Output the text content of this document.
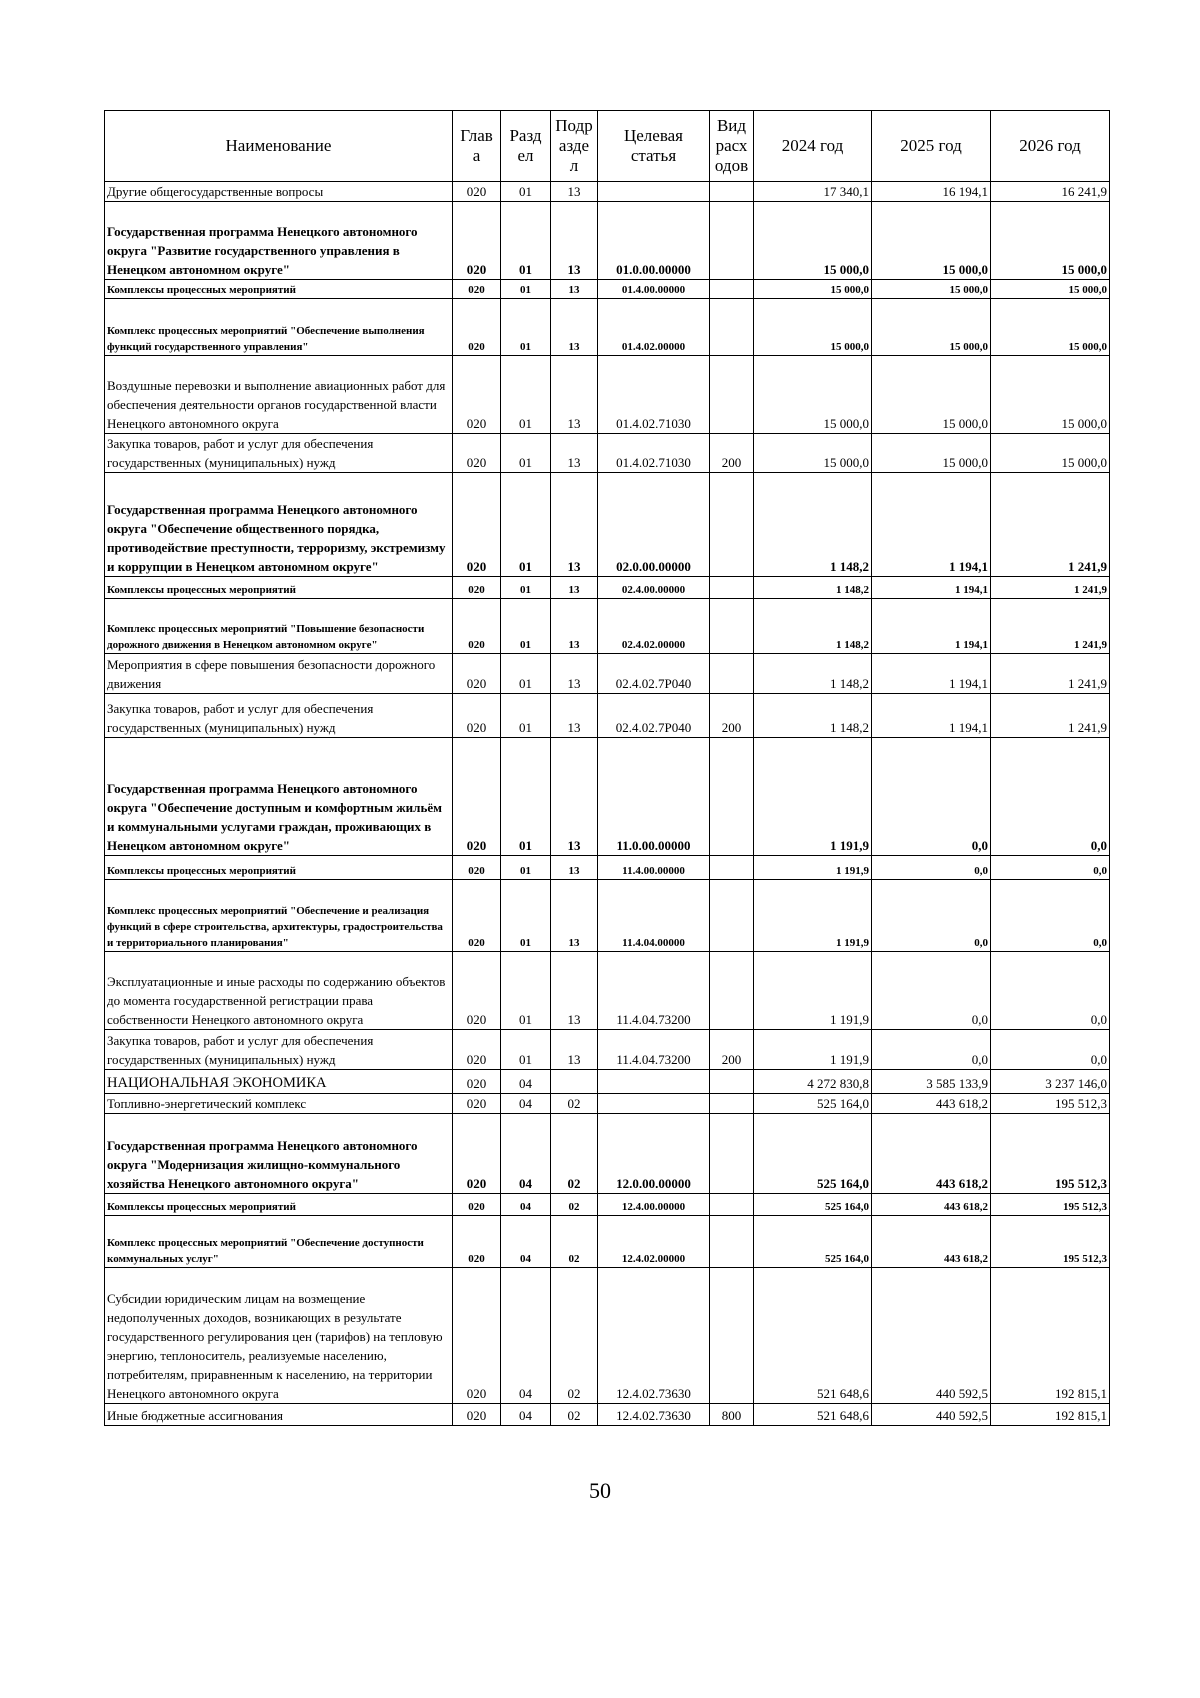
Наименование	Глав а	Разд ел	Подр азде л	Целевая статья	Вид расх одов	2024 год	2025 год	2026 год
Другие общегосударственные вопросы	020	01	13			17 340,1	16 194,1	16 241,9
Государственная программа Ненецкого автономного округа "Развитие государственного управления в Ненецком автономном округе"	020	01	13	01.0.00.00000		15 000,0	15 000,0	15 000,0
Комплексы процессных мероприятий	020	01	13	01.4.00.00000		15 000,0	15 000,0	15 000,0
Комплекс процессных мероприятий "Обеспечение выполнения функций государственного управления"	020	01	13	01.4.02.00000		15 000,0	15 000,0	15 000,0
Воздушные перевозки и выполнение авиационных работ для обеспечения деятельности органов государственной власти Ненецкого автономного округа	020	01	13	01.4.02.71030		15 000,0	15 000,0	15 000,0
Закупка товаров, работ и услуг для обеспечения государственных (муниципальных) нужд	020	01	13	01.4.02.71030	200	15 000,0	15 000,0	15 000,0
Государственная программа Ненецкого автономного округа "Обеспечение общественного порядка, противодействие преступности, терроризму, экстремизму и коррупции в Ненецком автономном округе"	020	01	13	02.0.00.00000		1 148,2	1 194,1	1 241,9
Комплексы процессных мероприятий	020	01	13	02.4.00.00000		1 148,2	1 194,1	1 241,9
Комплекс процессных мероприятий "Повышение безопасности дорожного движения в Ненецком автономном округе"	020	01	13	02.4.02.00000		1 148,2	1 194,1	1 241,9
Мероприятия в сфере повышения безопасности дорожного движения	020	01	13	02.4.02.7Р040		1 148,2	1 194,1	1 241,9
Закупка товаров, работ и услуг для обеспечения государственных (муниципальных) нужд	020	01	13	02.4.02.7Р040	200	1 148,2	1 194,1	1 241,9
Государственная программа Ненецкого автономного округа "Обеспечение доступным и комфортным жильём и коммунальными услугами граждан, проживающих в Ненецком автономном округе"	020	01	13	11.0.00.00000		1 191,9	0,0	0,0
Комплексы процессных мероприятий	020	01	13	11.4.00.00000		1 191,9	0,0	0,0
Комплекс процессных мероприятий "Обеспечение и реализация функций в сфере строительства, архитектуры, градостроительства и территориального планирования"	020	01	13	11.4.04.00000		1 191,9	0,0	0,0
Эксплуатационные и иные расходы по содержанию объектов до момента государственной регистрации права собственности Ненецкого автономного округа	020	01	13	11.4.04.73200		1 191,9	0,0	0,0
Закупка товаров, работ и услуг для обеспечения государственных (муниципальных) нужд	020	01	13	11.4.04.73200	200	1 191,9	0,0	0,0
НАЦИОНАЛЬНАЯ ЭКОНОМИКА	020	04				4 272 830,8	3 585 133,9	3 237 146,0
Топливно-энергетический комплекс	020	04	02			525 164,0	443 618,2	195 512,3
Государственная программа Ненецкого автономного округа "Модернизация жилищно-коммунального хозяйства Ненецкого автономного округа"	020	04	02	12.0.00.00000		525 164,0	443 618,2	195 512,3
Комплексы процессных мероприятий	020	04	02	12.4.00.00000		525 164,0	443 618,2	195 512,3
Комплекс процессных мероприятий "Обеспечение доступности коммунальных услуг"	020	04	02	12.4.02.00000		525 164,0	443 618,2	195 512,3
Субсидии юридическим лицам на возмещение недополученных доходов, возникающих в результате государственного регулирования цен (тарифов) на тепловую энергию, теплоноситель, реализуемые населению, потребителям, приравненным к населению, на территории Ненецкого автономного округа	020	04	02	12.4.02.73630		521 648,6	440 592,5	192 815,1
Иные бюджетные ассигнования	020	04	02	12.4.02.73630	800	521 648,6	440 592,5	192 815,1
50
